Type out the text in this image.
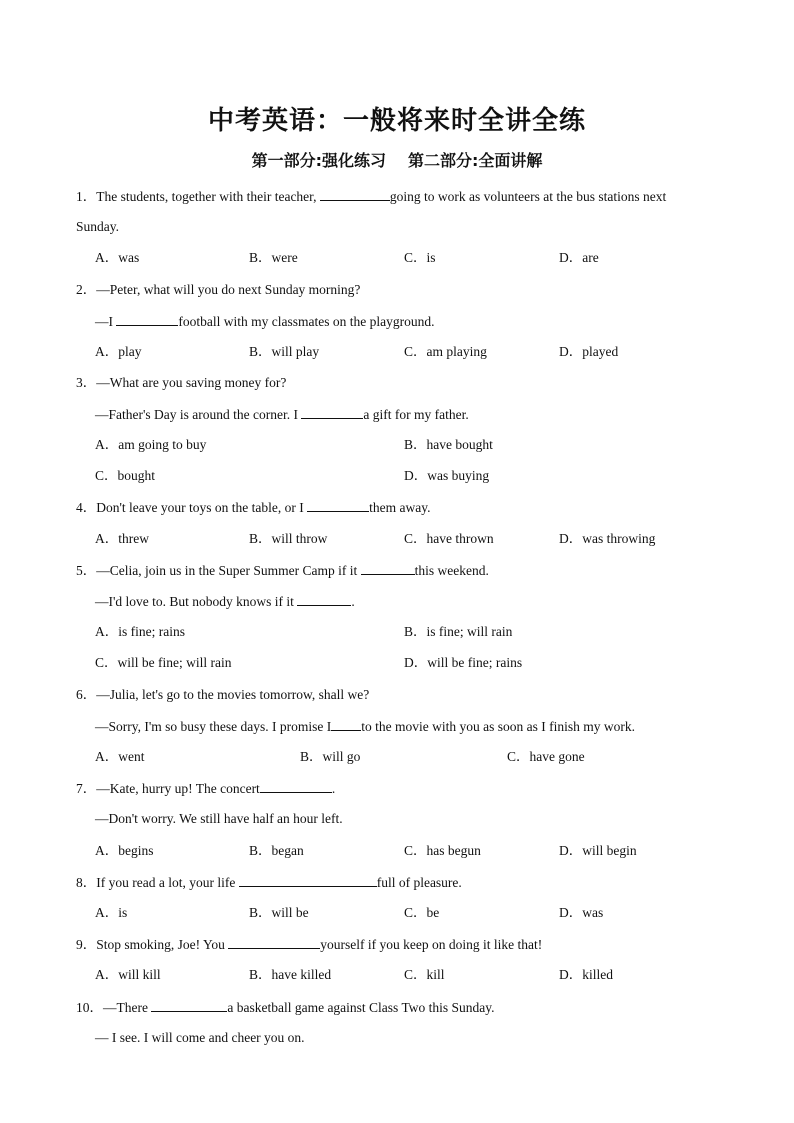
中考英语：一般将来时全讲全练
第一部分:强化练习 第二部分:全面讲解
1．The students, together with their teacher,	going to work as volunteers at the bus stations next
Sunday.
A．was	B．were	C．is	D．are
2．—Peter, what will you do next Sunday morning?
—I	football with my classmates on the playground.
A．play	B．will play	C．am playing	D．played
3．—What are you saving money for?
—Father's Day is around the corner. I	a gift for my father.
A．am going to buy	B．have bought
C．bought	D．was buying
4．Don't leave your toys on the table, or I	them away.
A．threw	B．will throw	C．have thrown	D．was throwing
5．—Celia, join us in the Super Summer Camp if it	this weekend.
—I'd love to. But nobody knows if it	.
A．is fine; rains	B．is fine; will rain
C．will be fine; will rain	D．will be fine; rains
6．—Julia, let's go to the movies tomorrow, shall we?
—Sorry, I'm so busy these days. I promise I to the movie with you as soon as I finish my work.
A．went	B．will go	C．have gone
7．—Kate, hurry up! The concert	.
—Don't worry. We still have half an hour left.
A．begins	B．began	C．has begun	D．will begin
8．If you read a lot, your life	full of pleasure.
A．is	B．will be	C．be	D．was
9．Stop smoking, Joe! You	yourself if you keep on doing it like that!
A．will kill	B．have killed	C．kill	D．killed
10．—There	a basketball game against Class Two this Sunday.
— I see. I will come and cheer you on.
